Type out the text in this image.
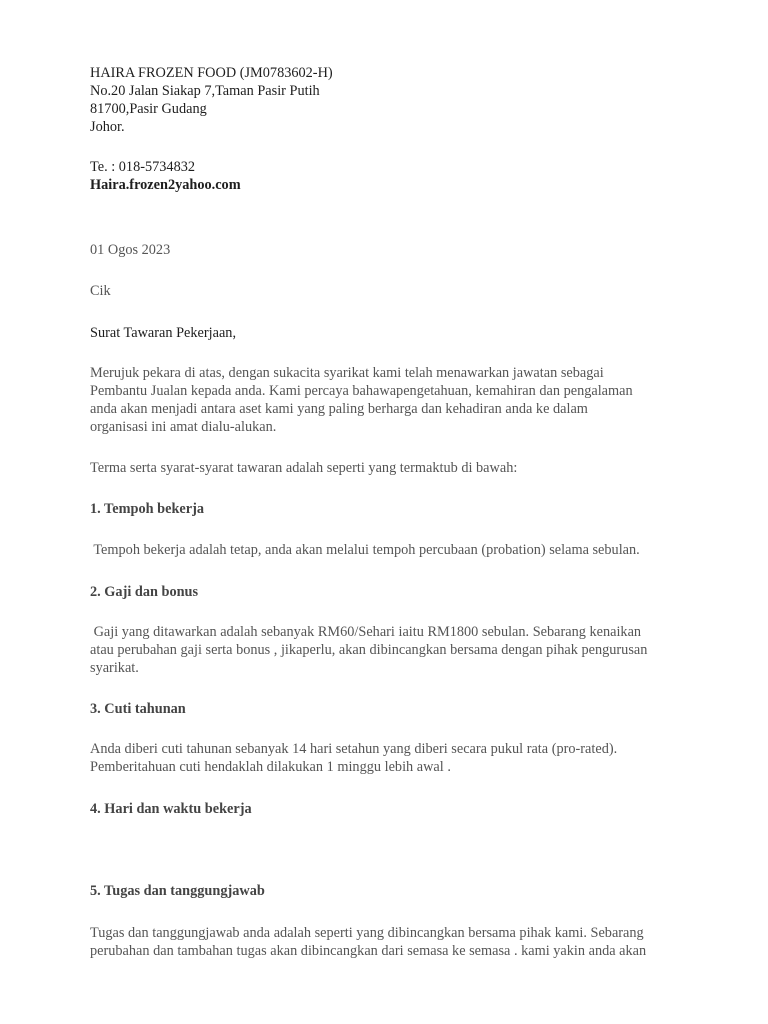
HAIRA FROZEN FOOD (JM0783602-H)
No.20 Jalan Siakap 7,Taman Pasir Putih
81700,Pasir Gudang
Johor.
Te. : 018-5734832
Haira.frozen2yahoo.com
01 Ogos 2023
Cik
Surat Tawaran Pekerjaan,

Merujuk pekara di atas, dengan sukacita syarikat kami telah menawarkan jawatan sebagai

Pembantu Jualan kepada anda. Kami percaya bahawapengetahuan, kemahiran dan pengalaman

anda akan menjadi antara aset kami yang paling berharga dan kehadiran anda ke dalam

organisasi ini amat dialu-alukan.

Terma serta syarat-syarat tawaran adalah seperti yang termaktub di bawah:
1. Tempoh bekerja

Tempoh bekerja adalah tetap, anda akan melalui tempoh percubaan (probation) selama sebulan.

2. Gaji dan bonus

Gaji yang ditawarkan adalah sebanyak RM60/Sehari iaitu RM1800 sebulan. Sebarang kenaikan

atau perubahan gaji serta bonus , jikaperlu, akan dibincangkan bersama dengan pihak pengurusan

syarikat.

3. Cuti tahunan

Anda diberi cuti tahunan sebanyak 14 hari setahun yang diberi secara pukul rata (pro-rated).

Pemberitahuan cuti hendaklah dilakukan 1 minggu lebih awal .

4. Hari dan waktu bekerja
5. Tugas dan tanggungjawab

Tugas dan tanggungjawab anda adalah seperti yang dibincangkan bersama pihak kami. Sebarang

perubahan dan tambahan tugas akan dibincangkan dari semasa ke semasa . kami yakin anda akan
